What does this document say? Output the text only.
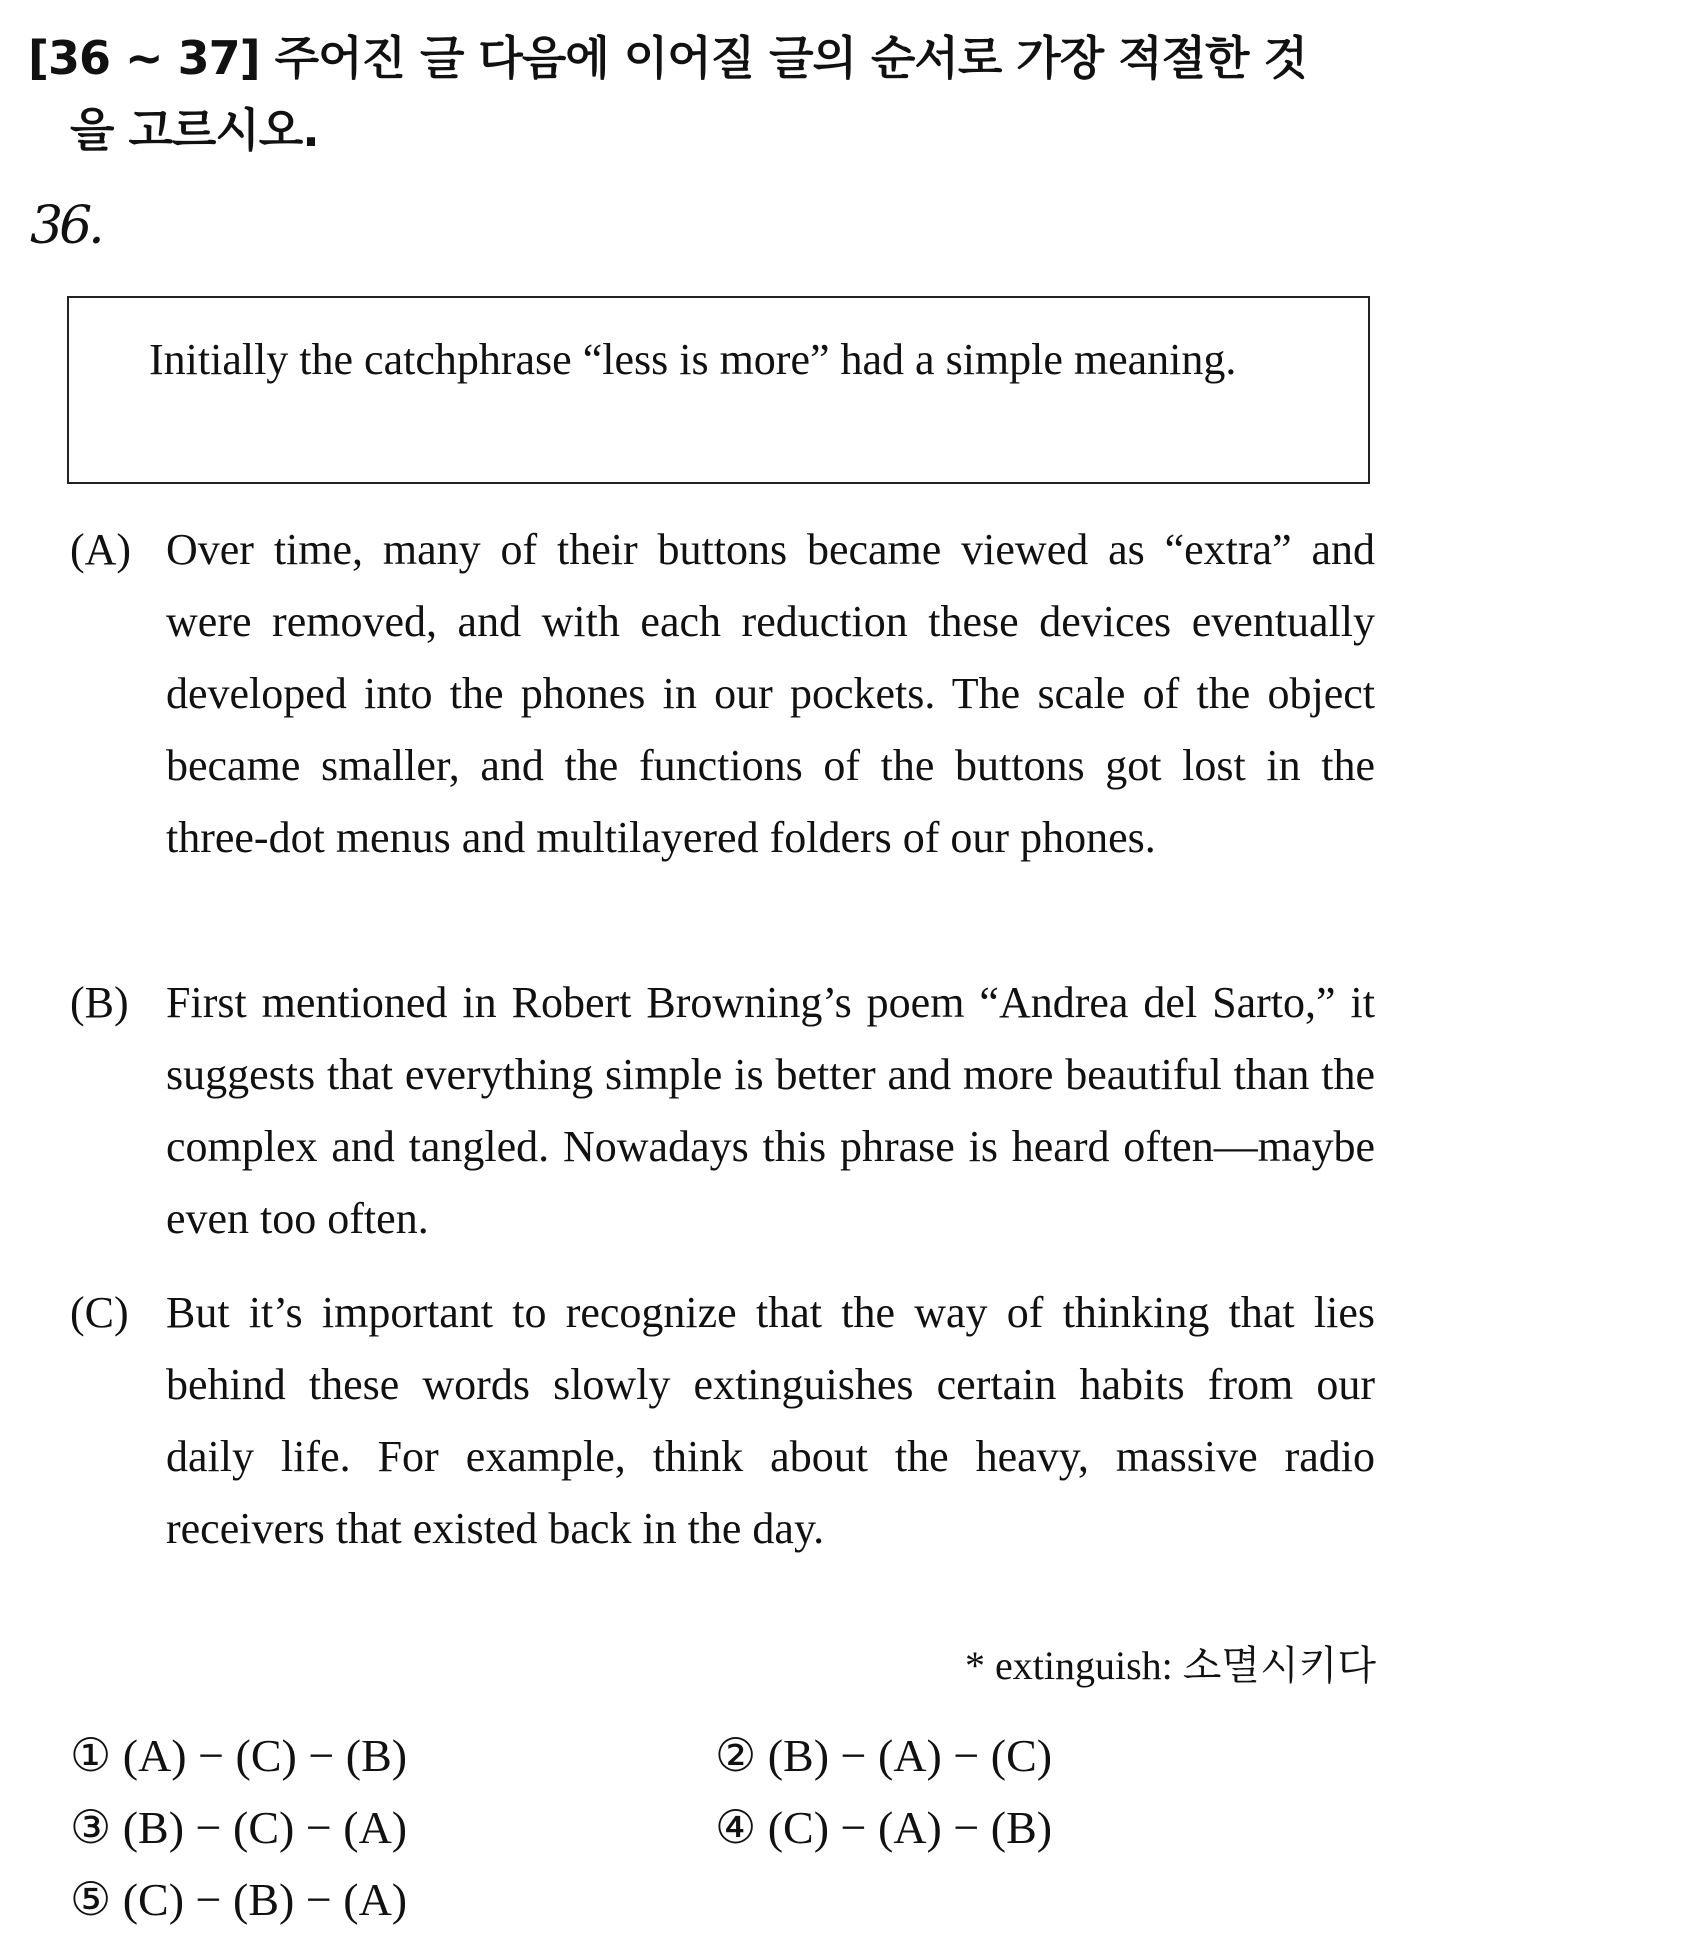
[36 ~ 37] 주어진 글 다음에 이어질 글의 순서로 가장 적절한 것
을 고르시오.
36.
Initially the catchphrase “less is more” had a simple meaning.
(A) Over time, many of their buttons became viewed as “extra” and were removed, and with each reduction these devices eventually developed into the phones in our pockets. The scale of the object became smaller, and the functions of the buttons got lost in the three-dot menus and multilayered folders of our phones.
(B) First mentioned in Robert Browning’s poem “Andrea del Sarto,” it suggests that everything simple is better and more beautiful than the complex and tangled. Nowadays this phrase is heard often—maybe even too often.
(C) But it’s important to recognize that the way of thinking that lies behind these words slowly extinguishes certain habits from our daily life. For example, think about the heavy, massive radio receivers that existed back in the day.
* extinguish: 소멸시키다
① (A) − (C) − (B)	② (B) − (A) − (C)
③ (B) − (C) − (A)	④ (C) − (A) − (B)
⑤ (C) − (B) − (A)
